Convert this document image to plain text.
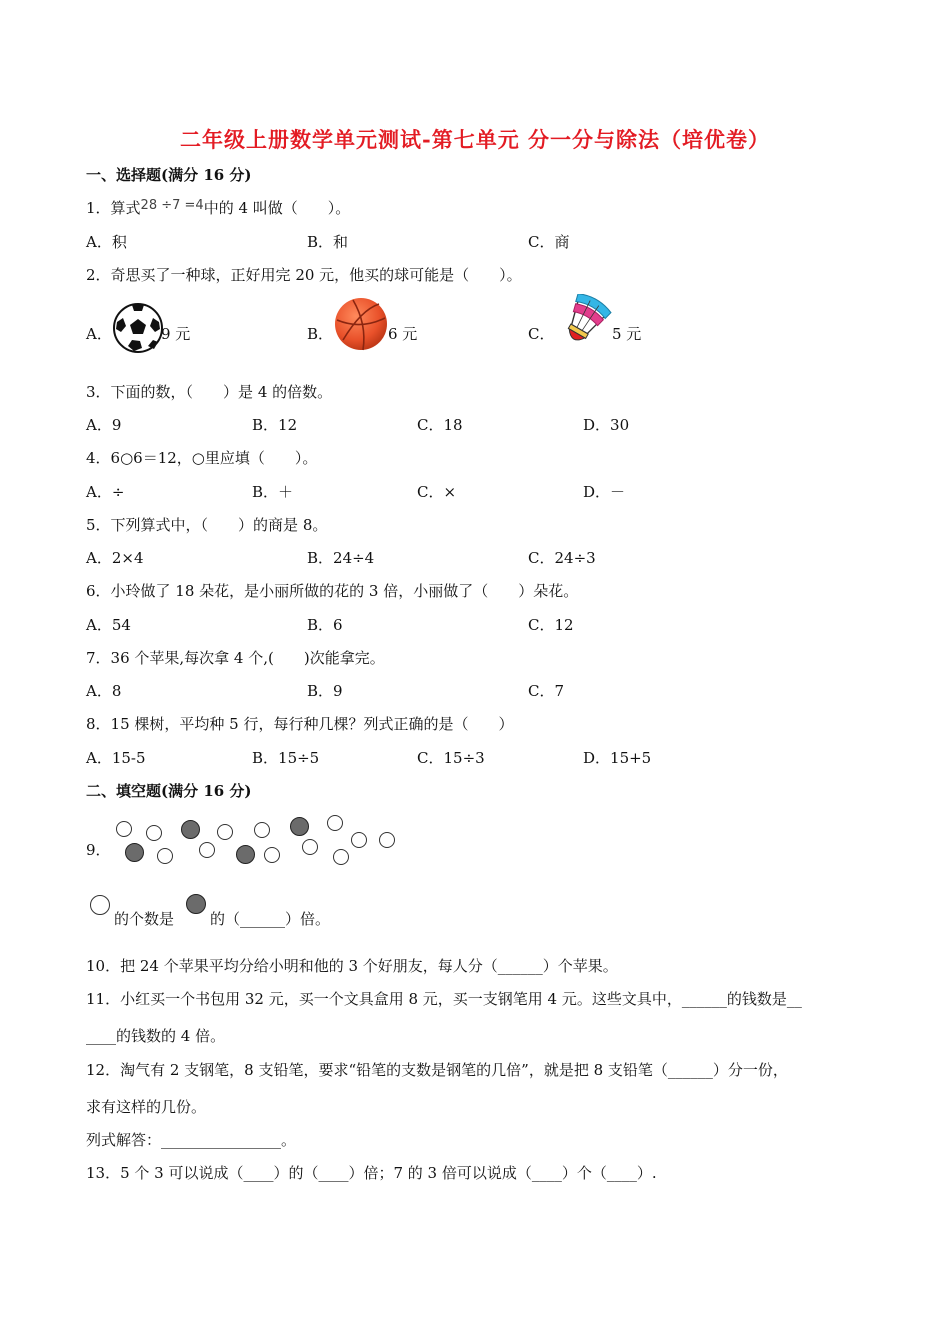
二年级上册数学单元测试-第七单元 分一分与除法（培优卷）
一、选择题(满分 16 分)
1．算式28 ÷7 =4中的 4 叫做（　　）。
A．积	B．和	C．商
2．奇思买了一种球，正好用完 20 元，他买的球可能是（　　）。
A．	9 元	B．	6 元	C．	5 元
3．下面的数，（　　）是 4 的倍数。
A．9	B．12	C．18	D．30
4．6○6＝12，○里应填（　　）。
A．÷	B．＋	C．×	D．－
5．下列算式中，（　　）的商是 8。
A．2×4	B．24÷4	C．24÷3
6．小玲做了 18 朵花，是小丽所做的花的 3 倍，小丽做了（　　）朵花。
A．54	B．6	C．12
7．36 个苹果,每次拿 4 个,(　　)次能拿完。
A．8	B．9	C．7
8．15 棵树，平均种 5 行，每行种几棵？列式正确的是（　　）
A．15-5	B．15÷5	C．15÷3	D．15+5
二、填空题(满分 16 分)
9．
的个数是 的（______）倍。
10．把 24 个苹果平均分给小明和他的 3 个好朋友，每人分（______）个苹果。
11．小红买一个书包用 32 元，买一个文具盒用 8 元，买一支钢笔用 4 元。这些文具中，______的钱数是__
____的钱数的 4 倍。
12．淘气有 2 支钢笔，8 支铅笔，要求“铅笔的支数是钢笔的几倍”，就是把 8 支铅笔（______）分一份，
求有这样的几份。
列式解答：________________。
13．5 个 3 可以说成（____）的（____）倍；7 的 3 倍可以说成（____）个（____）.
